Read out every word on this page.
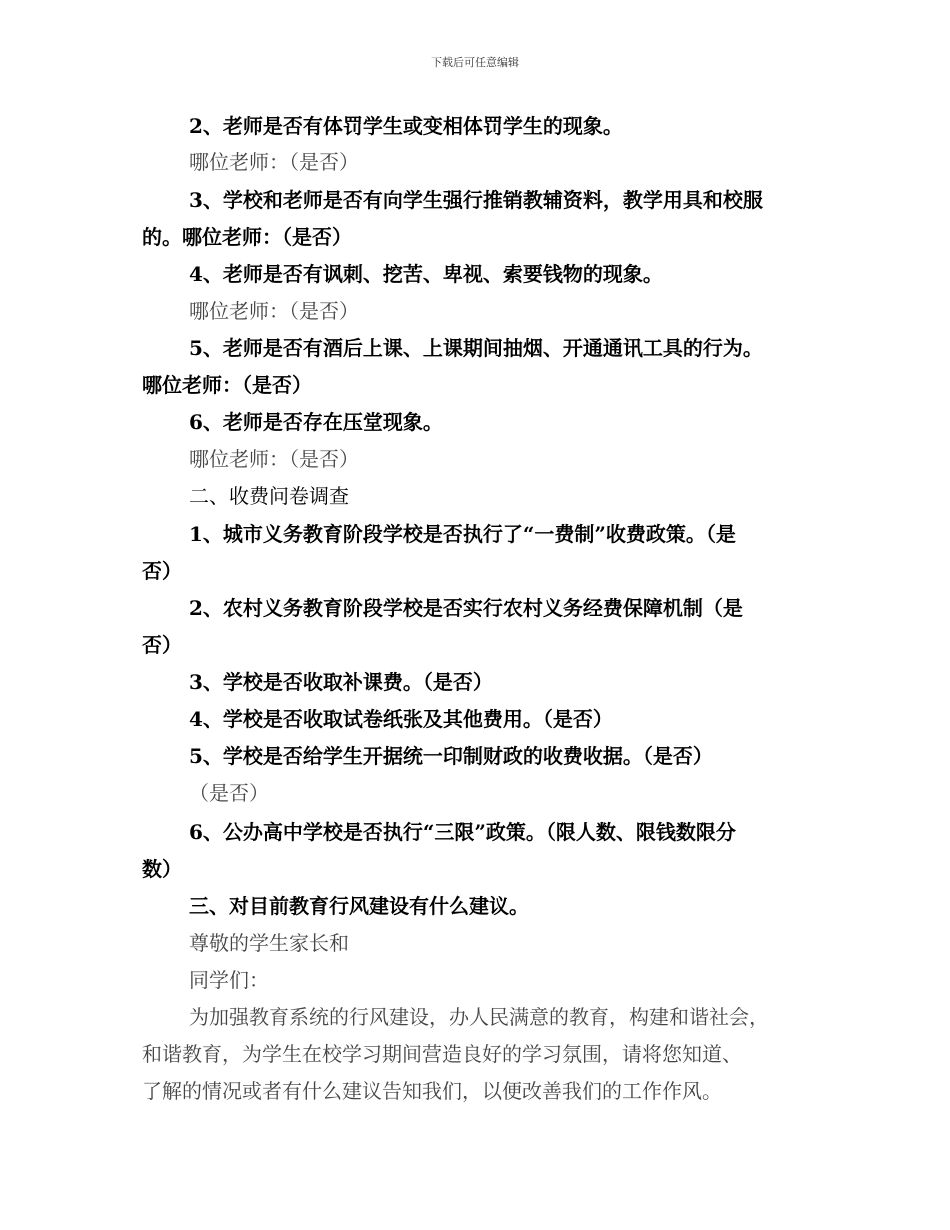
下载后可任意编辑
2、老师是否有体罚学生或变相体罚学生的现象。
哪位老师：（是否）
3、学校和老师是否有向学生强行推销教辅资料，教学用具和校服
的。哪位老师：（是否）
4、老师是否有讽刺、挖苦、卑视、索要钱物的现象。
哪位老师：（是否）
5、老师是否有酒后上课、上课期间抽烟、开通通讯工具的行为。
哪位老师：（是否）
6、老师是否存在压堂现象。
哪位老师：（是否）
二、收费问卷调查
1、城市义务教育阶段学校是否执行了“一费制”收费政策。（是
否）
2、农村义务教育阶段学校是否实行农村义务经费保障机制（是
否）
3、学校是否收取补课费。（是否）
4、学校是否收取试卷纸张及其他费用。（是否）
5、学校是否给学生开据统一印制财政的收费收据。（是否）
（是否）
6、公办高中学校是否执行“三限”政策。（限人数、限钱数限分
数）
三、对目前教育行风建设有什么建议。
尊敬的学生家长和
同学们：
为加强教育系统的行风建设，办人民满意的教育，构建和谐社会，
和谐教育，为学生在校学习期间营造良好的学习氛围，请将您知道、
了解的情况或者有什么建议告知我们，以便改善我们的工作作风。
